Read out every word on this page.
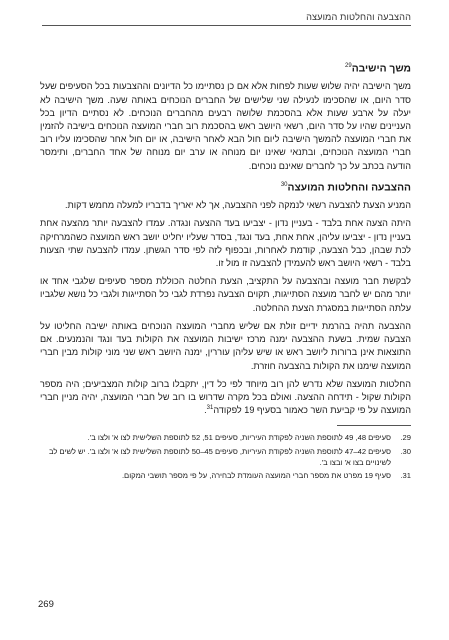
ההצבעה והחלטות המועצה
משך הישיבה$^{29}$

משך הישיבה יהיה שלוש שעות לפחות אלא אם כן נסתיימו כל הדיונים וההצבעות בכל הסעיפים שעל סדר היום, או שהסכימו לנעילה שני שלישים של החברים הנוכחים באותה שעה. משך הישיבה לא יעלה על ארבע שעות אלא בהסכמת שלושה רבעים מהחברים הנוכחים. לא נסתיים הדיון בכל העניינים שהיו על סדר היום, רשאי היושב ראש בהסכמת רוב חברי המועצה הנוכחים בישיבה להזמין את חברי המועצה להמשך הישיבה ליום חול הבא לאחר הישיבה, או יום חול אחר שהסכימו עליו רוב חברי המועצה הנוכחים, ובתנאי שאינו יום מנוחה או ערב יום מנוחה של אחד החברים, ותימסר הודעה בכתב על כך לחברים שאינם נוכחים.

ההצבעה והחלטות המועצה$^{30}$

המניע הצעת להצבעה רשאי לנמקה לפני ההצבעה, אך לא יאריך בדבריו למעלה מחמש דקות.

היתה הצעה אחת בלבד - בעניין נדון - יצביעו בעד ההצעה ונגדה. עמדו להצבעה יותר מהצעה אחת בעניין נדון - יצביעו עליהן, אחת אחת, בעד ונגד, בסדר שעליו יחליט יושב ראש המועצה כשהמרחיקה לכת שבהן, כבל הצבעה, קודמת לאחרות, ובכפוף לזה לפי סדר הגשתן. עמדו להצבעה שתי הצעות בלבד - רשאי היושב ראש להעמידן להצבעה זו מול זו.

לבקשת חבר מועצה ובהצבעה על התקציב, הצעת החלטה הכוללת מספר סעיפים שלגבי אחד או יותר מהם יש לחבר מועצה הסתייגות, תקוים הצבעה נפרדת לגבי כל הסתייגות ולגבי כל נושא שלגביו עלתה הסתייגות במסגרת הצעת ההחלטה.

ההצבעה תהיה בהרמת ידיים זולת אם שליש מחברי המועצה הנוכחים באותה ישיבה החליטו על הצבעה שמית. בשעת ההצבעה ימנה מרכז ישיבות המועצה את הקולות בעד ונגד והנמנעים. אם התוצאות אינן ברורות ליושב ראש או שיש עליהן עוררין, ימנה היושב ראש שני מוני קולות מבין חברי המועצה שימנו את הקולות בהצבעה חוזרת.

החלטות המועצה שלא נדרש להן רוב מיוחד לפי כל דין, יתקבלו ברוב קולות המצביעים; היה מספר הקולות שקול - תידחה ההצעה. ואולם בכל מקרה שדרוש בו רוב של חברי המועצה, יהיה מניין חברי המועצה על פי קביעת השר כאמור בסעיף 19 לפקודה$^{31}$.

29.
סעיפים 48, 49 לתוספת השניה לפקודת העיריות, סעיפים 51, 52 לתוספת השלישית לצו א' ולצו ב'.
30.
סעיפים 42–47 לתוספת השניה לפקודת העיריות, סעיפים 45–50 לתוספת השלישית לצו א' ולצו ב'. יש לשים לב לשינויים בצו א' ובצו ב'.
31.
סעיף 19 מפרט את מספר חברי המועצה העומדת לבחירה, על פי מספר תושבי המקום.
269
